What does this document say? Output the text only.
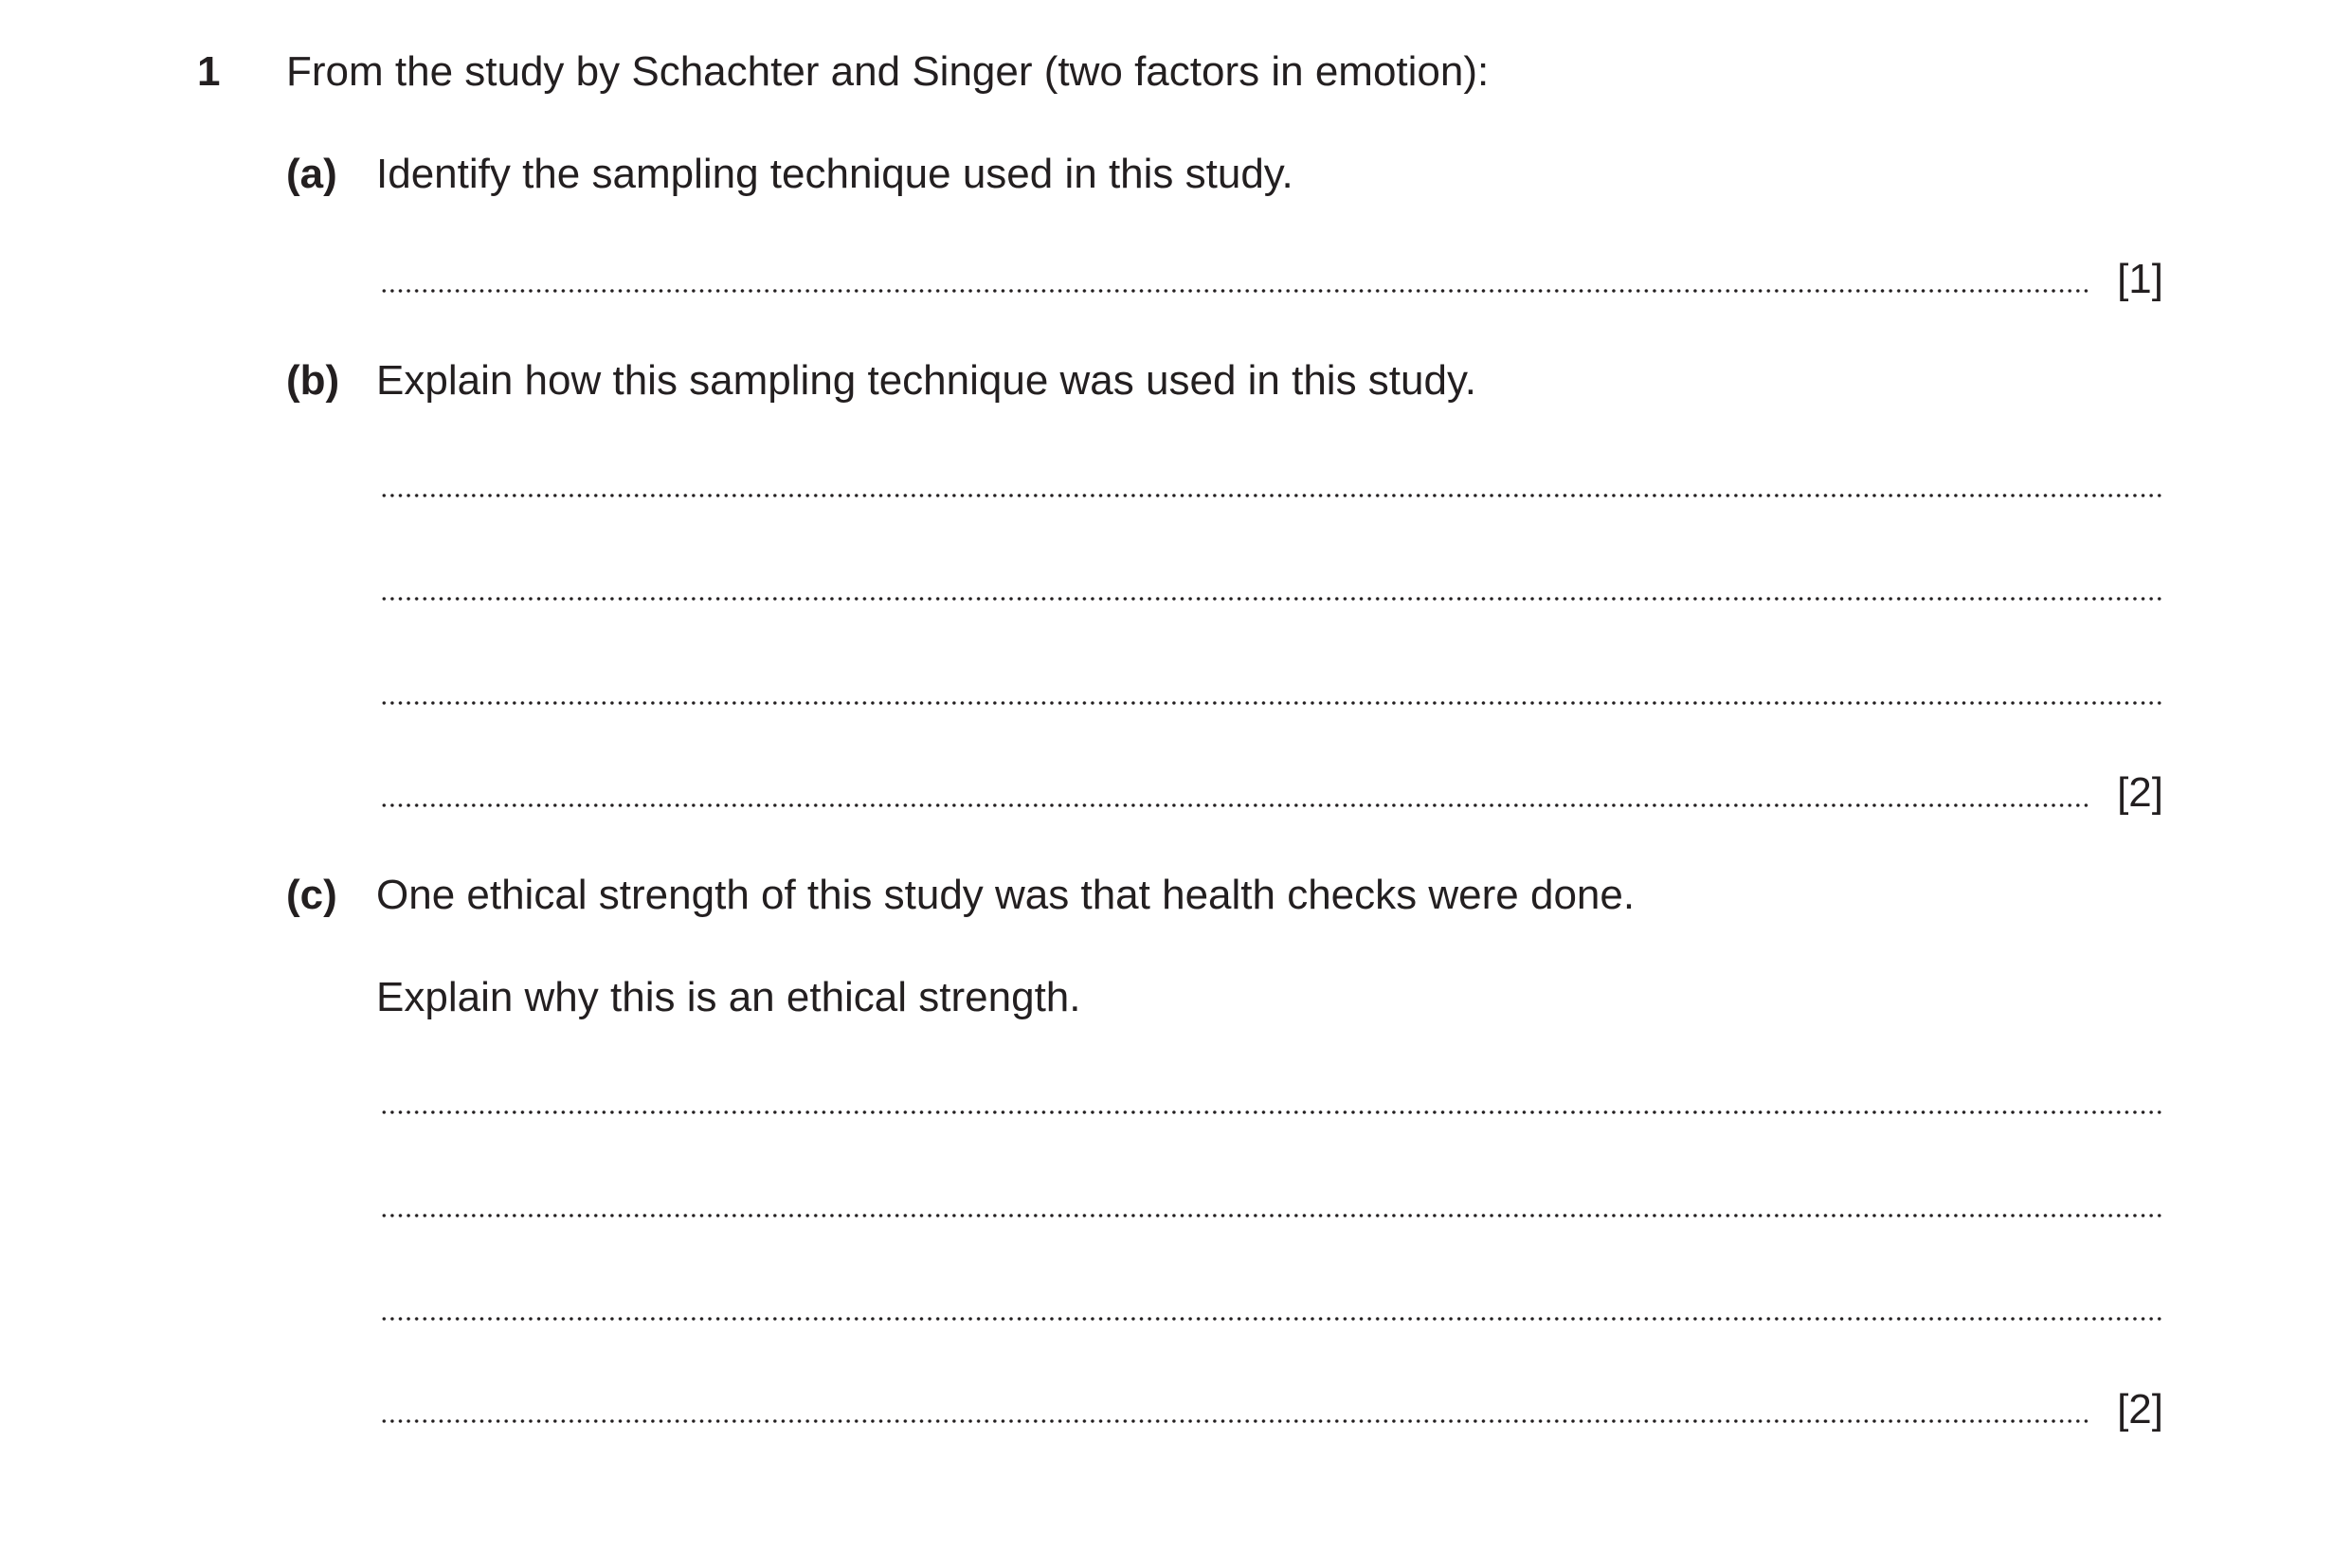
1 From the study by Schachter and Singer (two factors in emotion):
(a) Identify the sampling technique used in this study.
[1]
(b) Explain how this sampling technique was used in this study.
[2]
(c) One ethical strength of this study was that health checks were done.
Explain why this is an ethical strength.
[2]
